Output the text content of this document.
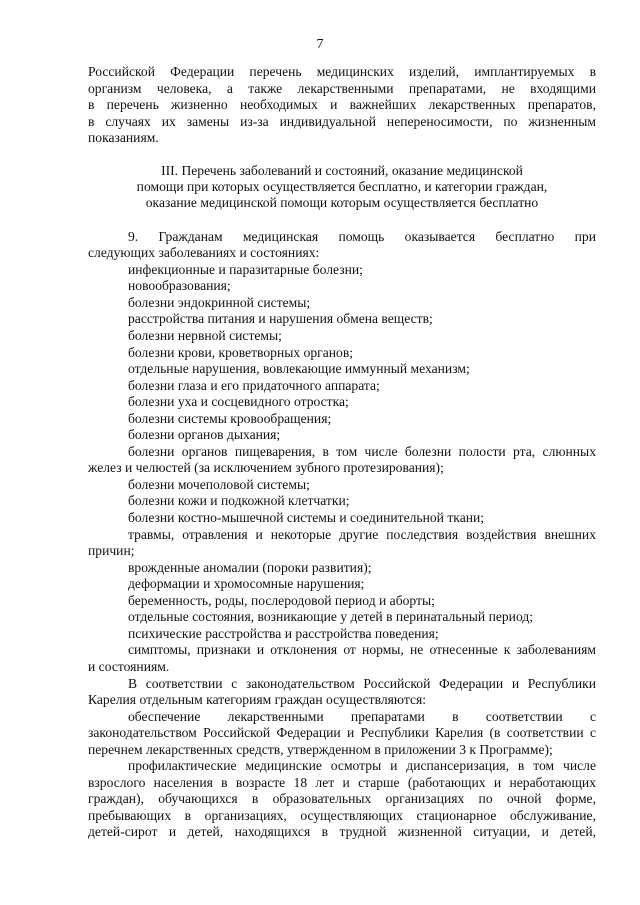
7
Российской Федерации перечень медицинских изделий, имплантируемых в
организм человека, а также лекарственными препаратами, не входящими
в перечень жизненно необходимых и важнейших лекарственных препаратов,
в случаях их замены из-за индивидуальной непереносимости, по жизненным
показаниям.
III. Перечень заболеваний и состояний, оказание медицинской
помощи при которых осуществляется бесплатно, и категории граждан,
оказание медицинской помощи которым осуществляется бесплатно
9. Гражданам медицинская помощь оказывается бесплатно при
следующих заболеваниях и состояниях:
инфекционные и паразитарные болезни;
новообразования;
болезни эндокринной системы;
расстройства питания и нарушения обмена веществ;
болезни нервной системы;
болезни крови, кроветворных органов;
отдельные нарушения, вовлекающие иммунный механизм;
болезни глаза и его придаточного аппарата;
болезни уха и сосцевидного отростка;
болезни системы кровообращения;
болезни органов дыхания;
болезни органов пищеварения, в том числе болезни полости рта, слюнных
желез и челюстей (за исключением зубного протезирования);
болезни мочеполовой системы;
болезни кожи и подкожной клетчатки;
болезни костно-мышечной системы и соединительной ткани;
травмы, отравления и некоторые другие последствия воздействия внешних
причин;
врожденные аномалии (пороки развития);
деформации и хромосомные нарушения;
беременность, роды, послеродовой период и аборты;
отдельные состояния, возникающие у детей в перинатальный период;
психические расстройства и расстройства поведения;
симптомы, признаки и отклонения от нормы, не отнесенные к заболеваниям
и состояниям.
В соответствии с законодательством Российской Федерации и Республики
Карелия отдельным категориям граждан осуществляются:
обеспечение лекарственными препаратами в соответствии с
законодательством Российской Федерации и Республики Карелия (в соответствии с
перечнем лекарственных средств, утвержденном в приложении 3 к Программе);
профилактические медицинские осмотры и диспансеризация, в том числе
взрослого населения в возрасте 18 лет и старше (работающих и неработающих
граждан), обучающихся в образовательных организациях по очной форме,
пребывающих в организациях, осуществляющих стационарное обслуживание,
детей-сирот и детей, находящихся в трудной жизненной ситуации, и детей,
